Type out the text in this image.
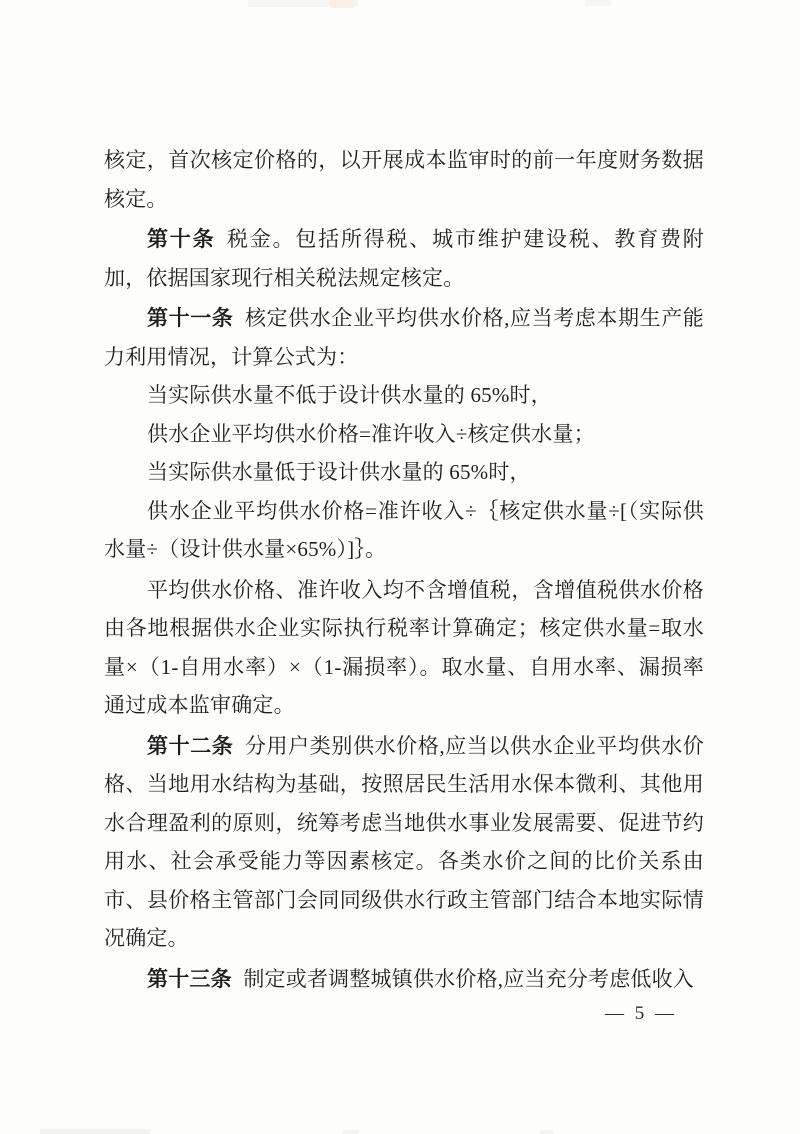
核定，首次核定价格的，以开展成本监审时的前一年度财务数据核定。

第十条 税金。包括所得税、城市维护建设税、教育费附加，依据国家现行相关税法规定核定。

第十一条 核定供水企业平均供水价格,应当考虑本期生产能力利用情况，计算公式为：

当实际供水量不低于设计供水量的 65%时，

供水企业平均供水价格=准许收入÷核定供水量；

当实际供水量低于设计供水量的 65%时，

供水企业平均供水价格=准许收入÷｛核定供水量÷[（实际供水量÷（设计供水量×65%）]｝。

平均供水价格、准许收入均不含增值税，含增值税供水价格由各地根据供水企业实际执行税率计算确定；核定供水量=取水量×（1-自用水率）×（1-漏损率）。取水量、自用水率、漏损率通过成本监审确定。

第十二条 分用户类别供水价格,应当以供水企业平均供水价格、当地用水结构为基础，按照居民生活用水保本微利、其他用水合理盈利的原则，统筹考虑当地供水事业发展需要、促进节约用水、社会承受能力等因素核定。各类水价之间的比价关系由市、县价格主管部门会同同级供水行政主管部门结合本地实际情况确定。

第十三条 制定或者调整城镇供水价格,应当充分考虑低收入

— 5 —
